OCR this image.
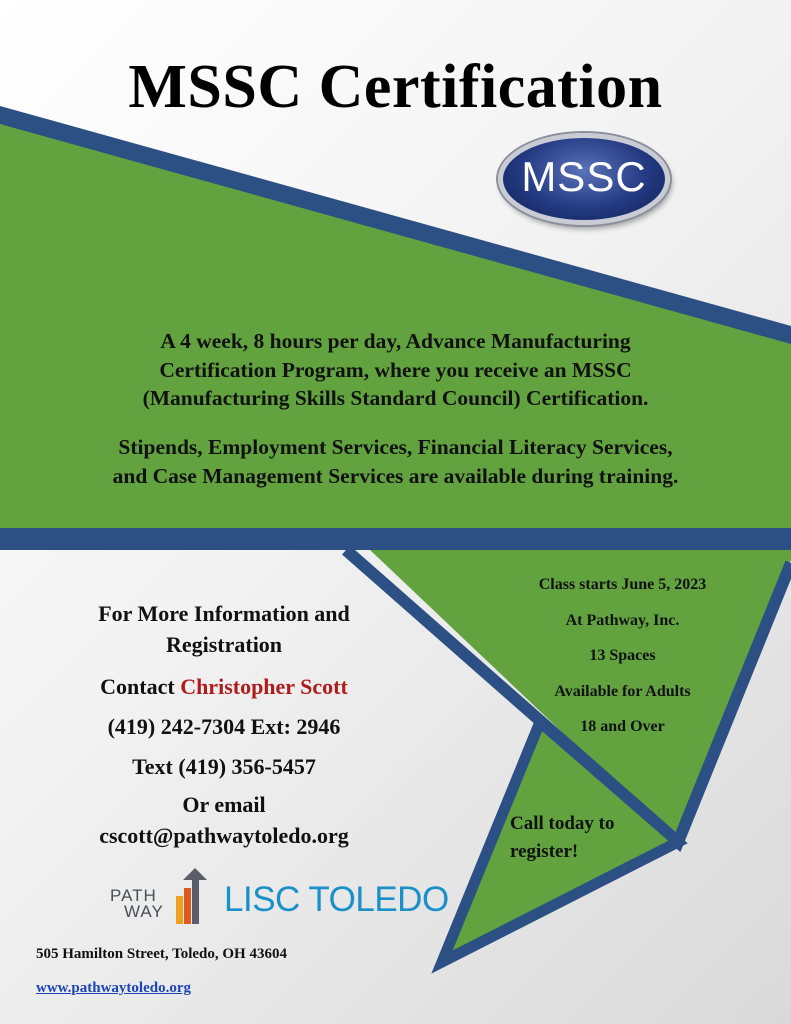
MSSC Certification
MSSC

A 4 week, 8 hours per day, Advance Manufacturing

Certification Program, where you receive an MSSC

(Manufacturing Skills Standard Council) Certification.

Stipends, Employment Services, Financial Literacy Services,

and Case Management Services are available during training.

For More Information and
Registration
Contact Christopher Scott
(419) 242-7304 Ext: 2946
Text (419) 356-5457
Or email
cscott@pathwaytoledo.org
Class starts June 5, 2023
At Pathway, Inc.
13 Spaces
Available for Adults
18 and Over
Call today to
register!
PATH
WAY LISC TOLEDO
505 Hamilton Street, Toledo, OH 43604
www.pathwaytoledo.org
